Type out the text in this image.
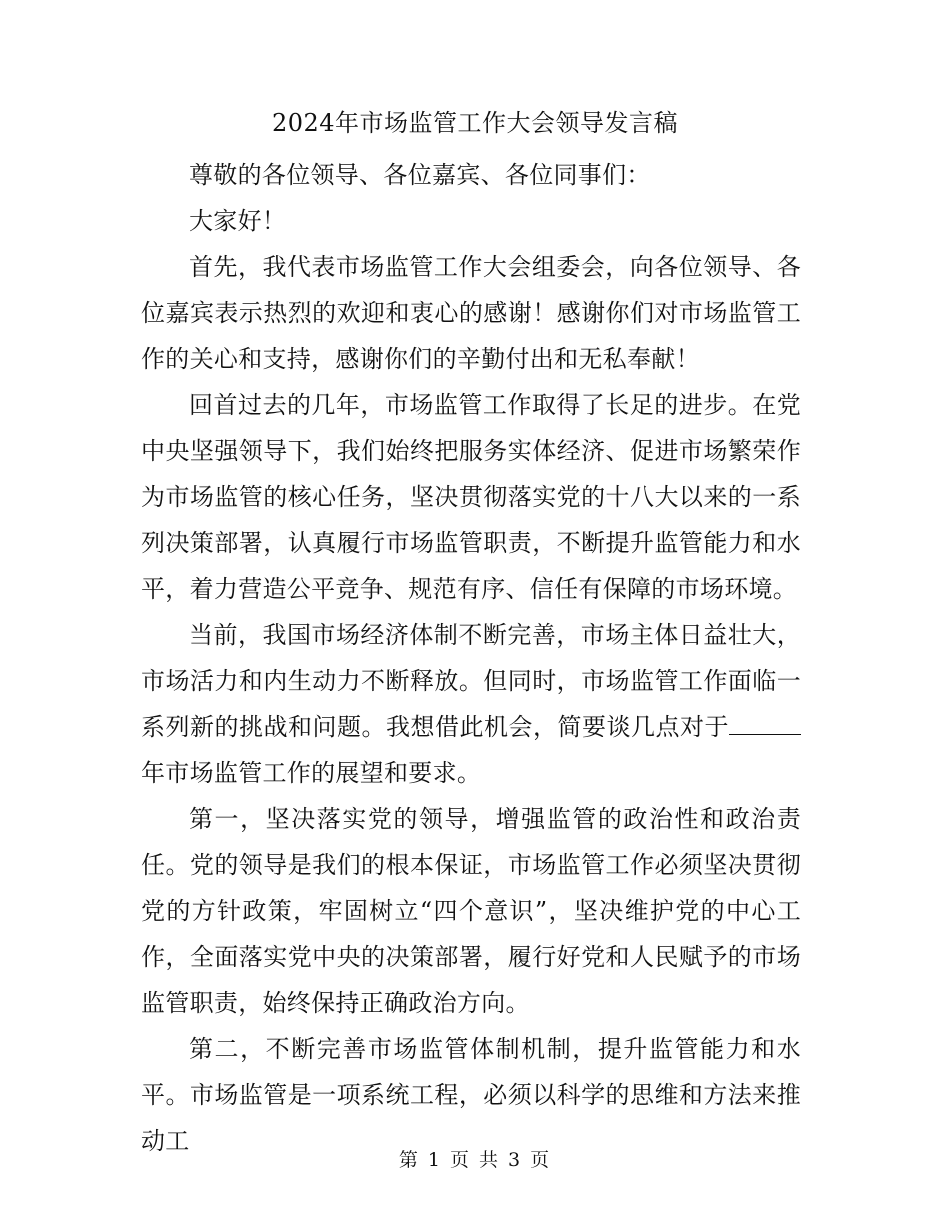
2024年市场监管工作大会领导发言稿

尊敬的各位领导、各位嘉宾、各位同事们：

大家好！

首先，我代表市场监管工作大会组委会，向各位领导、各位嘉宾表示热烈的欢迎和衷心的感谢！感谢你们对市场监管工作的关心和支持，感谢你们的辛勤付出和无私奉献！

回首过去的几年，市场监管工作取得了长足的进步。在党中央坚强领导下，我们始终把服务实体经济、促进市场繁荣作为市场监管的核心任务，坚决贯彻落实党的十八大以来的一系列决策部署，认真履行市场监管职责，不断提升监管能力和水平，着力营造公平竞争、规范有序、信任有保障的市场环境。

当前，我国市场经济体制不断完善，市场主体日益壮大，市场活力和内生动力不断释放。但同时，市场监管工作面临一系列新的挑战和问题。我想借此机会，简要谈几点对于年市场监管工作的展望和要求。

第一，坚决落实党的领导，增强监管的政治性和政治责任。党的领导是我们的根本保证，市场监管工作必须坚决贯彻党的方针政策，牢固树立“四个意识”，坚决维护党的中心工作，全面落实党中央的决策部署，履行好党和人民赋予的市场监管职责，始终保持正确政治方向。

第二，不断完善市场监管体制机制，提升监管能力和水平。市场监管是一项系统工程，必须以科学的思维和方法来推动工

第 1 页 共 3 页
